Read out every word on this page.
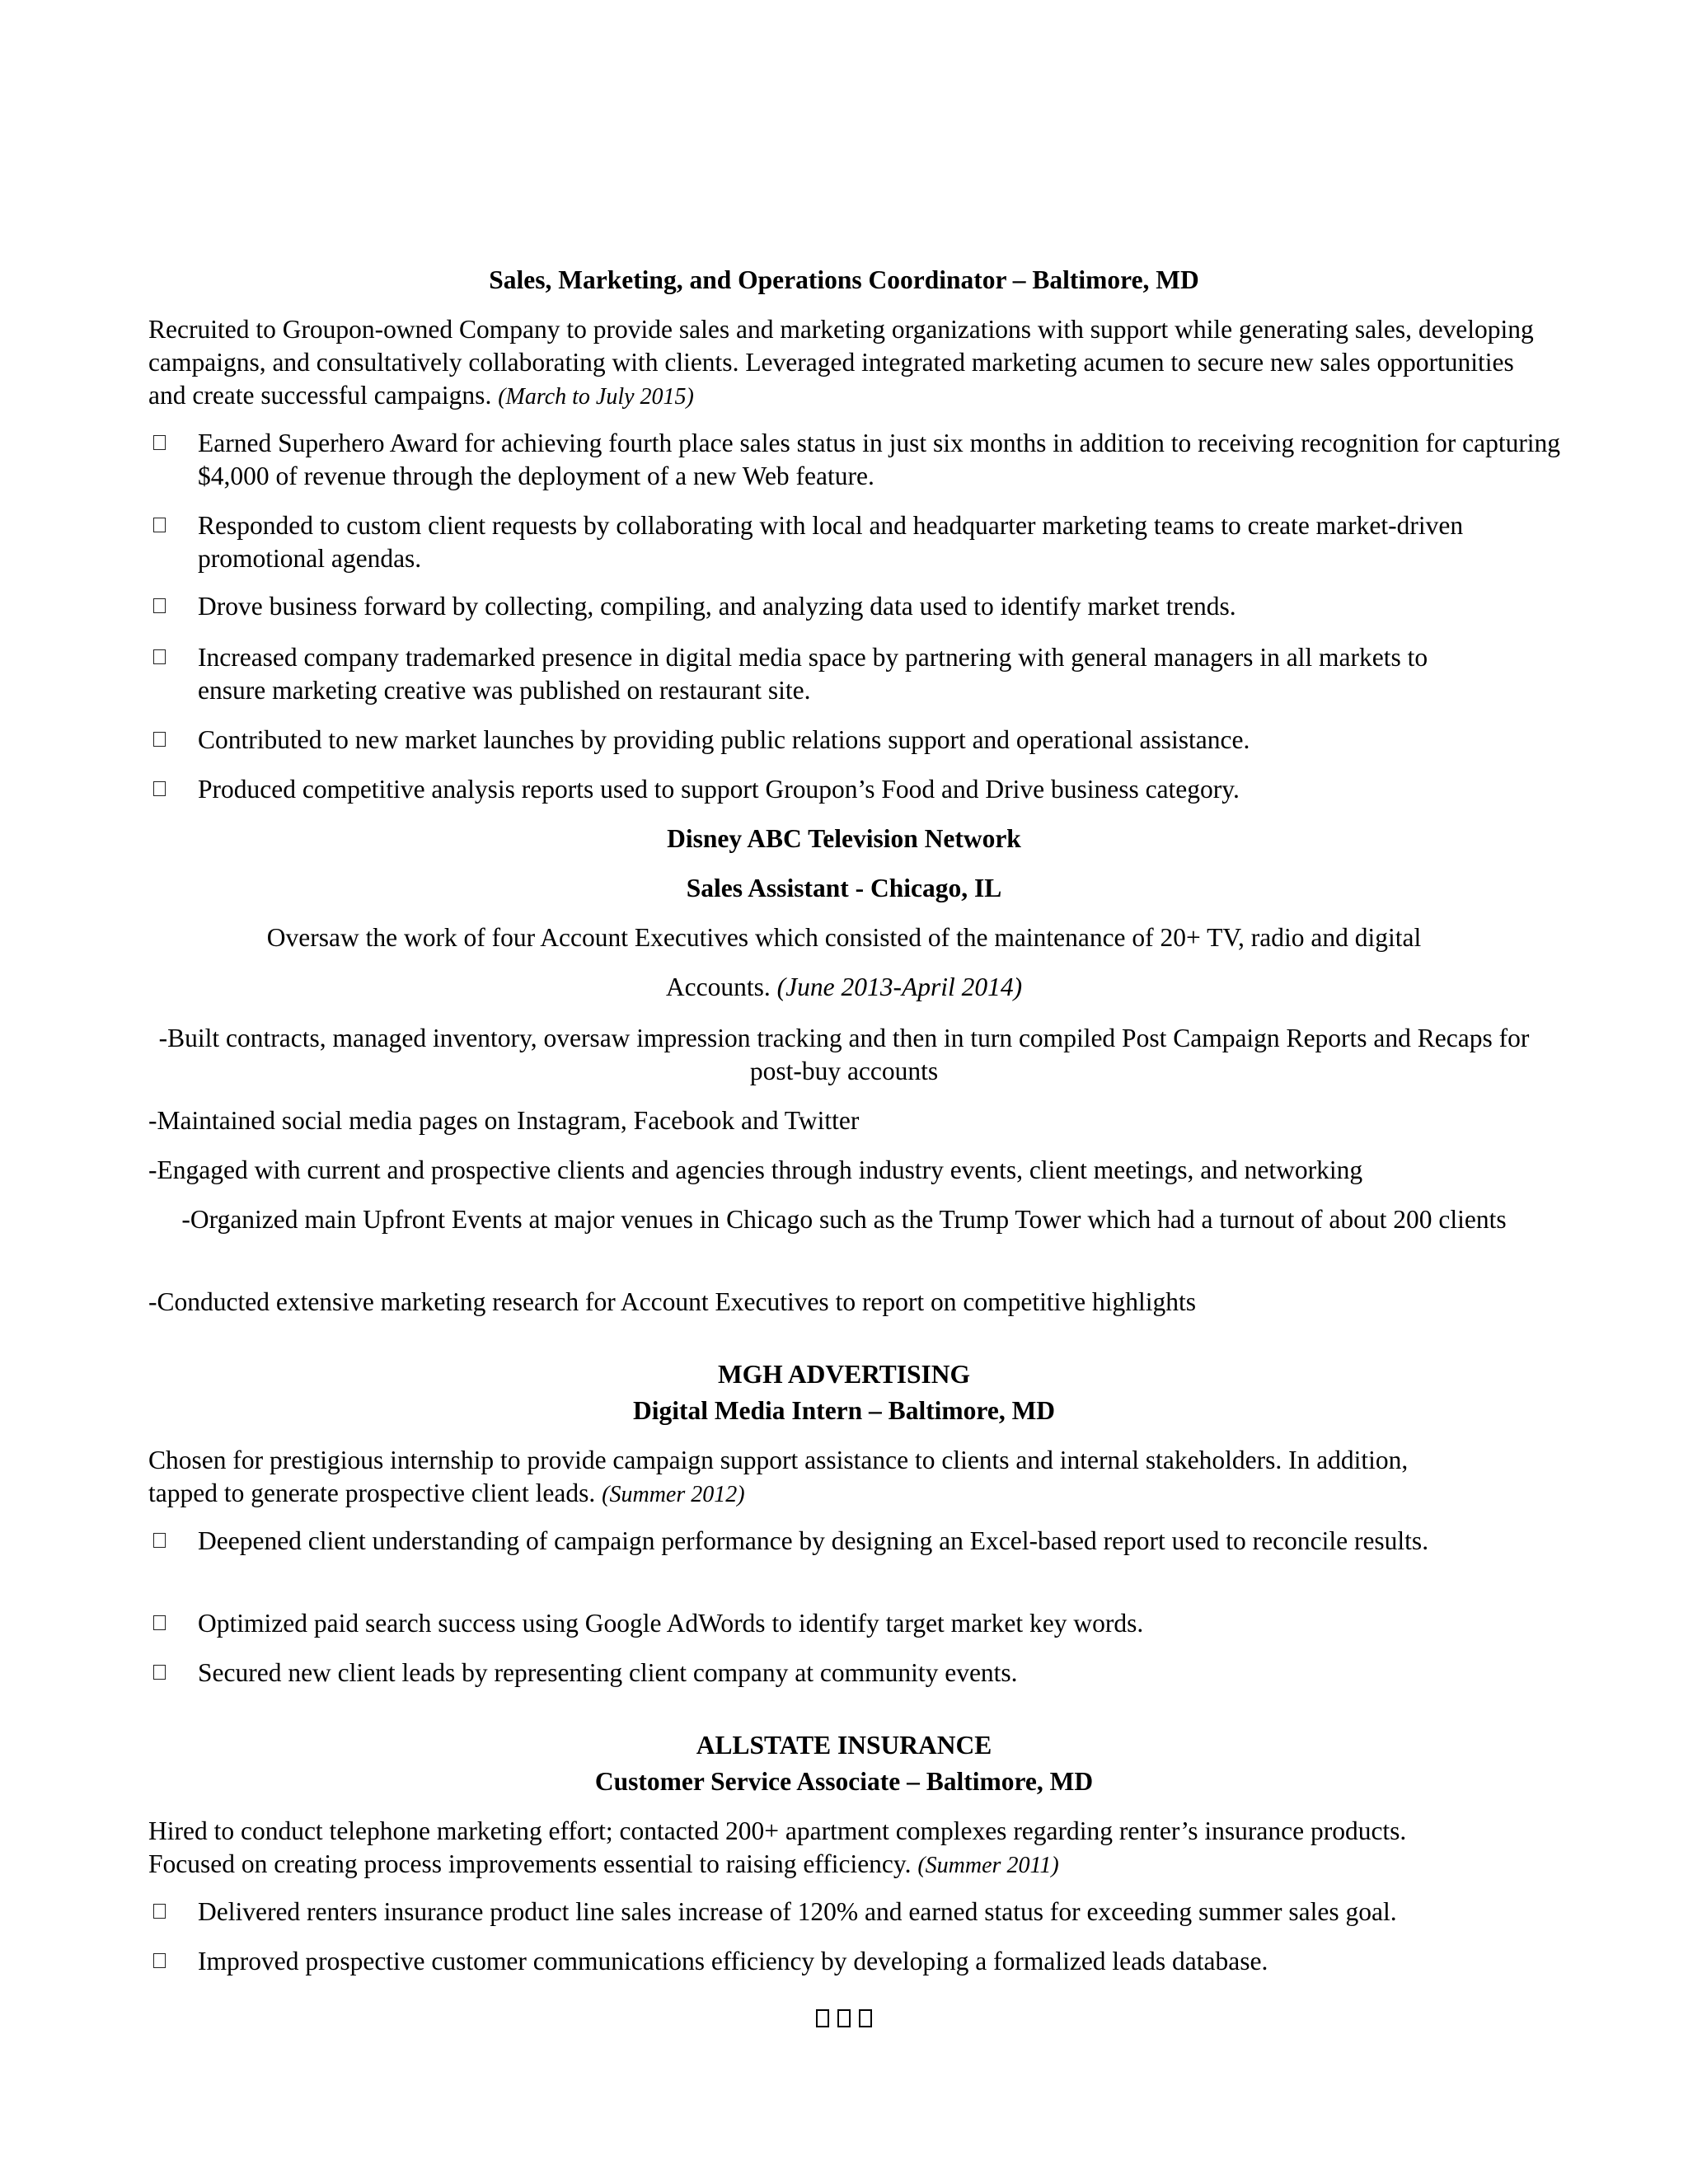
Sales, Marketing, and Operations Coordinator – Baltimore, MD
Recruited to Groupon-owned Company to provide sales and marketing organizations with support while generating sales, developing campaigns, and consultatively collaborating with clients. Leveraged integrated marketing acumen to secure new sales opportunities and create successful campaigns. (March to July 2015)
Earned Superhero Award for achieving fourth place sales status in just six months in addition to receiving recognition for capturing $4,000 of revenue through the deployment of a new Web feature.
Responded to custom client requests by collaborating with local and headquarter marketing teams to create market-driven promotional agendas.
Drove business forward by collecting, compiling, and analyzing data used to identify market trends.
Increased company trademarked presence in digital media space by partnering with general managers in all markets to ensure marketing creative was published on restaurant site.
Contributed to new market launches by providing public relations support and operational assistance.
Produced competitive analysis reports used to support Groupon’s Food and Drive business category.
Disney ABC Television Network
Sales Assistant - Chicago, IL
Oversaw the work of four Account Executives which consisted of the maintenance of 20+ TV, radio and digital
Accounts. (June 2013-April 2014)
-Built contracts, managed inventory, oversaw impression tracking and then in turn compiled Post Campaign Reports and Recaps for post-buy accounts
-Maintained social media pages on Instagram, Facebook and Twitter
-Engaged with current and prospective clients and agencies through industry events, client meetings, and networking
-Organized main Upfront Events at major venues in Chicago such as the Trump Tower which had a turnout of about 200 clients
-Conducted extensive marketing research for Account Executives to report on competitive highlights
MGH ADVERTISING
Digital Media Intern – Baltimore, MD
Chosen for prestigious internship to provide campaign support assistance to clients and internal stakeholders. In addition, tapped to generate prospective client leads. (Summer 2012)
Deepened client understanding of campaign performance by designing an Excel-based report used to reconcile results.
Optimized paid search success using Google AdWords to identify target market key words.
Secured new client leads by representing client company at community events.
ALLSTATE INSURANCE
Customer Service Associate – Baltimore, MD
Hired to conduct telephone marketing effort; contacted 200+ apartment complexes regarding renter’s insurance products. Focused on creating process improvements essential to raising efficiency. (Summer 2011)
Delivered renters insurance product line sales increase of 120% and earned status for exceeding summer sales goal.
Improved prospective customer communications efficiency by developing a formalized leads database.
